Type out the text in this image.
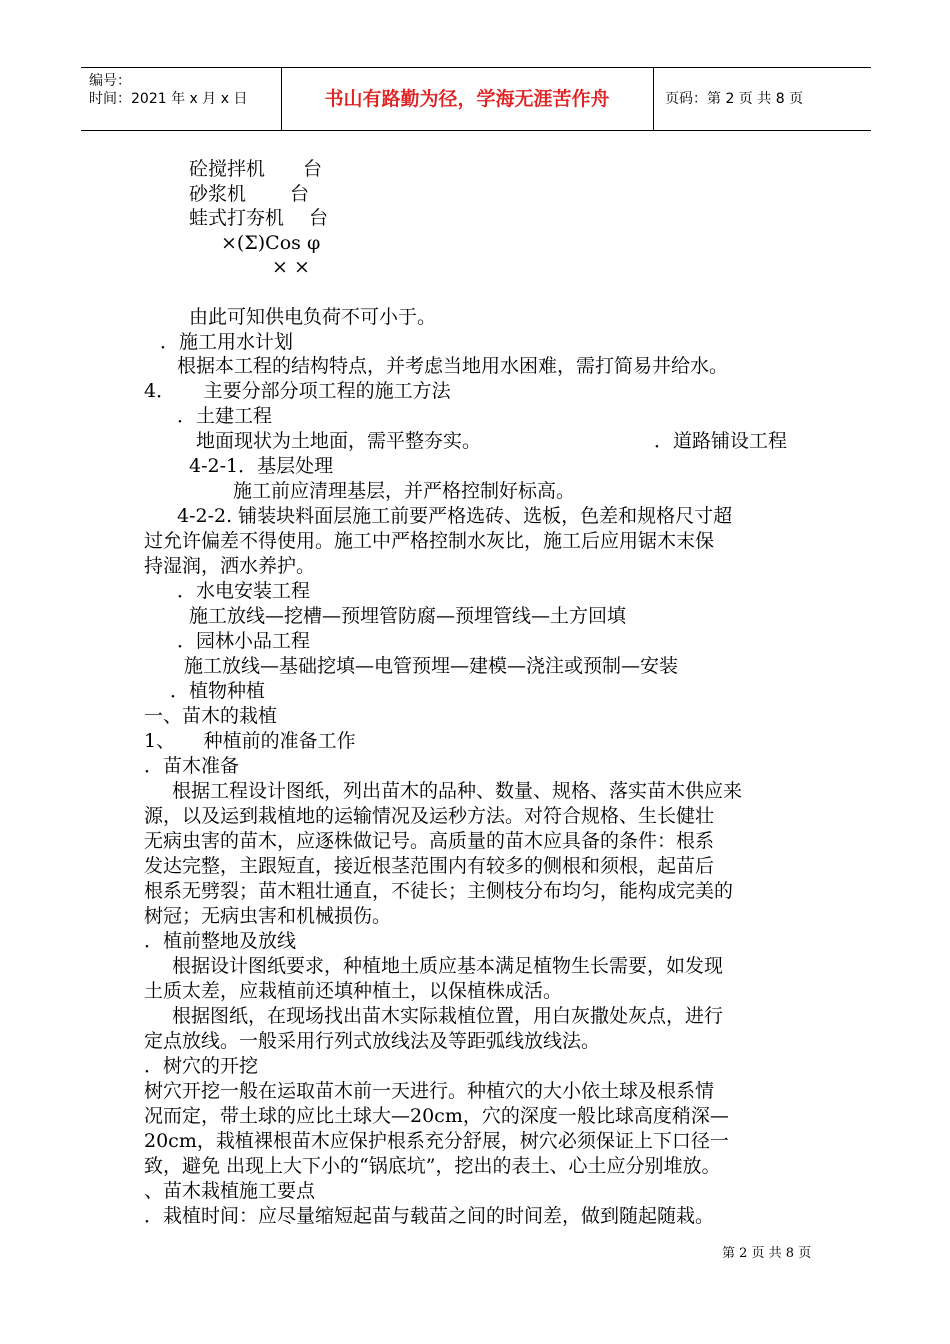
编号：
时间：2021 年 x 月 x 日	书山有路勤为径，学海无涯苦作舟	页码：第 2 页 共 8 页
砼搅拌机　　台
砂浆机　　 台
蛙式打夯机　 台
×(Σ)Cos φ
× ×
由此可知供电负荷不可小于。
．施工用水计划
根据本工程的结构特点，并考虑当地用水困难，需打简易井给水。
4．　　主要分部分项工程的施工方法
．土建工程
地面现状为土地面，需平整夯实。	．道路铺设工程
4-2-1．基层处理
施工前应清理基层，并严格控制好标高。
4-2-2. 铺装块料面层施工前要严格选砖、选板，色差和规格尺寸超
过允许偏差不得使用。施工中严格控制水灰比，施工后应用锯木末保
持湿润，洒水养护。
．水电安装工程
施工放线—挖槽—预埋管防腐—预埋管线—土方回填
．园林小品工程
施工放线—基础挖填—电管预埋—建模—浇注或预制—安装
．植物种植
一、苗木的栽植
1、　　种植前的准备工作
．苗木准备
根据工程设计图纸，列出苗木的品种、数量、规格、落实苗木供应来
源，以及运到栽植地的运输情况及运秒方法。对符合规格、生长健壮
无病虫害的苗木，应逐株做记号。高质量的苗木应具备的条件：根系
发达完整，主跟短直，接近根茎范围内有较多的侧根和须根，起苗后
根系无劈裂；苗木粗壮通直，不徒长；主侧枝分布均匀，能构成完美的
树冠；无病虫害和机械损伤。
．植前整地及放线
根据设计图纸要求，种植地土质应基本满足植物生长需要，如发现
土质太差，应栽植前还填种植土，以保植株成活。
根据图纸，在现场找出苗木实际栽植位置，用白灰撒处灰点，进行
定点放线。一般采用行列式放线法及等距弧线放线法。
．树穴的开挖
树穴开挖一般在运取苗木前一天进行。种植穴的大小依土球及根系情
况而定，带土球的应比土球大—20cm，穴的深度一般比球高度稍深—
20cm，栽植裸根苗木应保护根系充分舒展，树穴必须保证上下口径一
致，避免 出现上大下小的“锅底坑”，挖出的表土、心土应分别堆放。
、苗木栽植施工要点
．栽植时间：应尽量缩短起苗与载苗之间的时间差，做到随起随栽。
第 2 页 共 8 页
